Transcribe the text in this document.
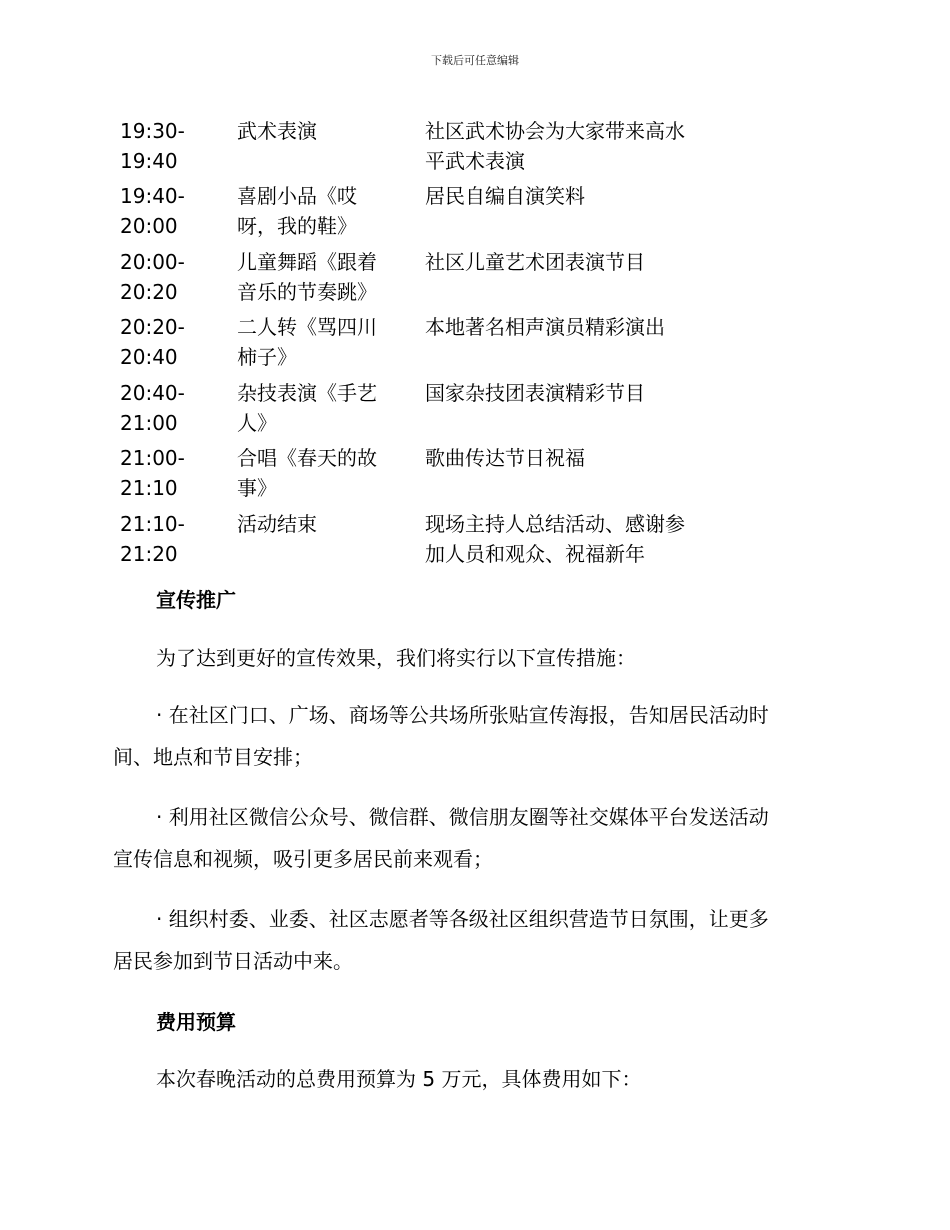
下载后可任意编辑
19:30-
19:40
武术表演	社区武术协会为大家带来高水
平武术表演
19:40-
20:00
喜剧小品《哎
呀，我的鞋》
居民自编自演笑料
20:00-
20:20
儿童舞蹈《跟着
音乐的节奏跳》
社区儿童艺术团表演节目
20:20-
20:40
二人转《骂四川
柿子》
本地著名相声演员精彩演出
20:40-
21:00
杂技表演《手艺
人》
国家杂技团表演精彩节目
21:00-
21:10
合唱《春天的故
事》
歌曲传达节日祝福
21:10-
21:20
活动结束	现场主持人总结活动、感谢参
加人员和观众、祝福新年
宣传推广
为了达到更好的宣传效果，我们将实行以下宣传措施：
· 在社区门口、广场、商场等公共场所张贴宣传海报，告知居民活动时
间、地点和节目安排；
· 利用社区微信公众号、微信群、微信朋友圈等社交媒体平台发送活动
宣传信息和视频，吸引更多居民前来观看；
· 组织村委、业委、社区志愿者等各级社区组织营造节日氛围，让更多
居民参加到节日活动中来。
费用预算
本次春晚活动的总费用预算为 5 万元，具体费用如下：
